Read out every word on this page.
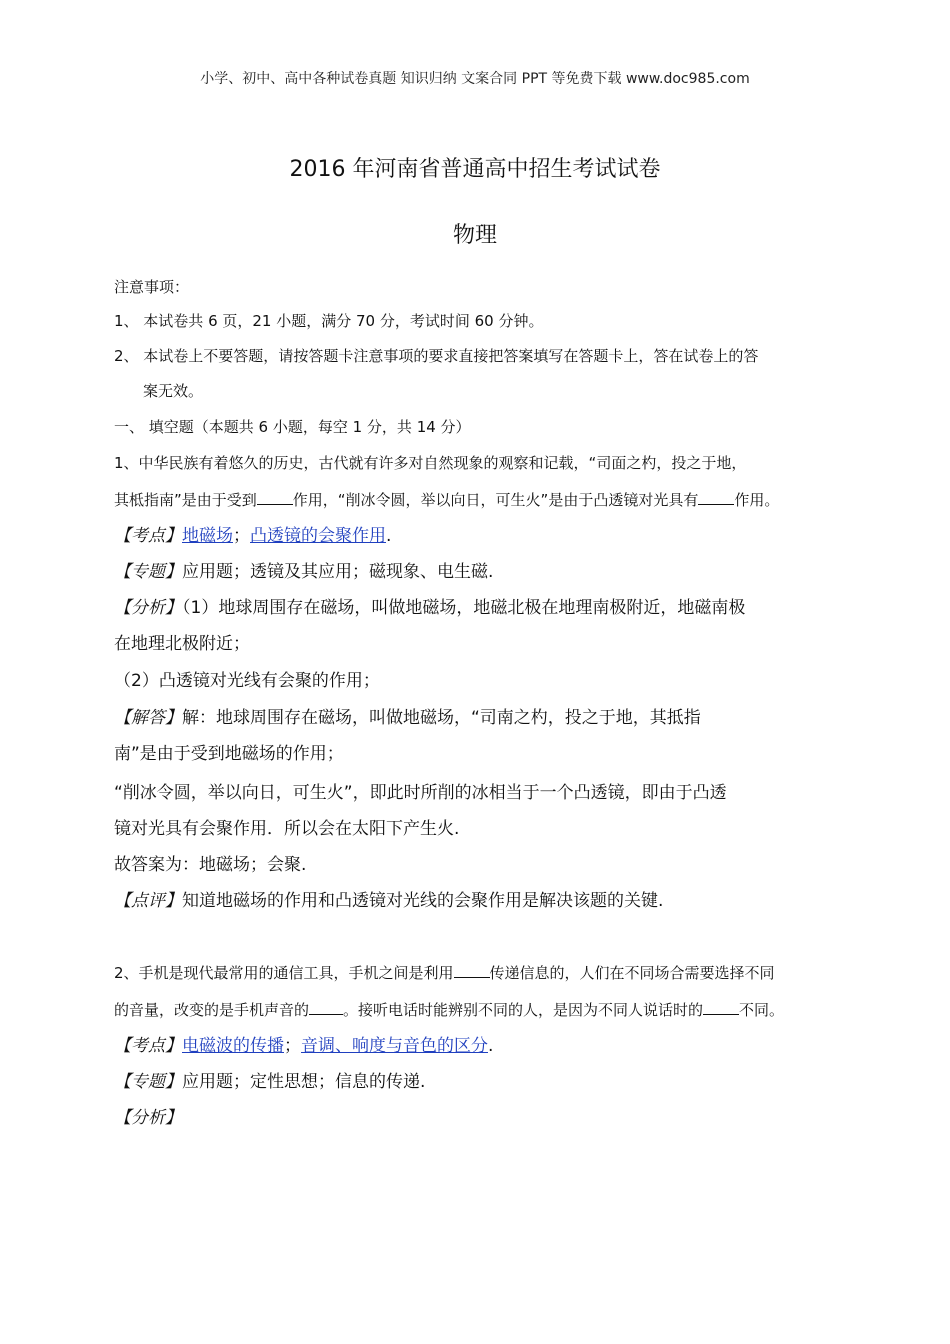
小学、初中、高中各种试卷真题 知识归纳 文案合同 PPT 等免费下载 www.doc985.com
2016 年河南省普通高中招生考试试卷
物理
注意事项：
1、 本试卷共 6 页，21 小题，满分 70 分，考试时间 60 分钟。
2、 本试卷上不要答题，请按答题卡注意事项的要求直接把答案填写在答题卡上，答在试卷上的答
案无效。
一、 填空题（本题共 6 小题，每空 1 分，共 14 分）
1、中华民族有着悠久的历史，古代就有许多对自然现象的观察和记载，“司面之杓，投之于地，
其柢指南”是由于受到 作用，“削冰令圆，举以向日，可生火”是由于凸透镜对光具有 作用。
【考点】地磁场；凸透镜的会聚作用.
【专题】应用题；透镜及其应用；磁现象、电生磁.
【分析】（1）地球周围存在磁场，叫做地磁场，地磁北极在地理南极附近，地磁南极
在地理北极附近；
（2）凸透镜对光线有会聚的作用；
【解答】解：地球周围存在磁场，叫做地磁场，“司南之杓，投之于地，其抵指
南”是由于受到地磁场的作用；
“削冰令圆，举以向日，可生火”，即此时所削的冰相当于一个凸透镜，即由于凸透
镜对光具有会聚作用．所以会在太阳下产生火.
故答案为：地磁场；会聚.
【点评】知道地磁场的作用和凸透镜对光线的会聚作用是解决该题的关键.
2、手机是现代最常用的通信工具，手机之间是利用 传递信息的，人们在不同场合需要选择不同
的音量，改变的是手机声音的 。接听电话时能辨别不同的人，是因为不同人说话时的 不同。
【考点】电磁波的传播；音调、响度与音色的区分.
【专题】应用题；定性思想；信息的传递.
【分析】
